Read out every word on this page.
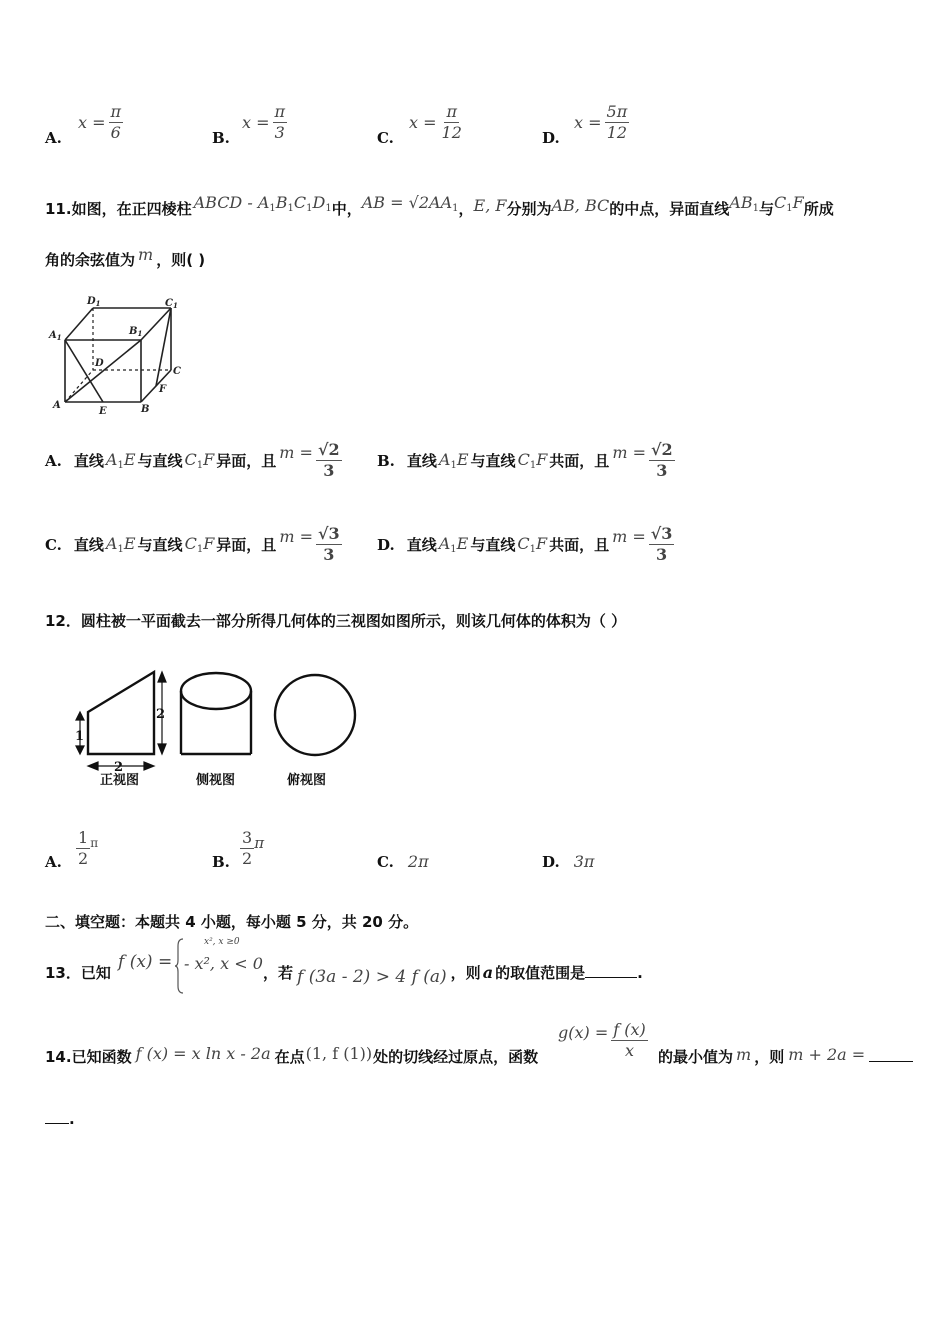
A.
$x = \frac{\pi}{6}$	B.
$x = \frac{\pi}{3}$	C.
$x = \frac{\pi}{12}$	D.
$x = \frac{5\pi}{12}$
11.如图，在正四棱柱 ABCD - $A_1B_1C_1D_1$ 中， AB = $√2AA_1$ ， E, F 分别为 AB, BC 的中点，异面直线 $AB_1$ 与 $C_1F$ 所成
角的余弦值为 m ，则( )
$D_1$	$C_1$
$A_1$
$B_1$
D
C
A
E	B
F
A. 直线 $A_1E$ 与直线 $C_1F$ 异面，且 $m = \frac{√2}{3} B$. 直线 $A_1E$ 与直线 $C_1F$ 共面，且 $m = \frac{√2}{3}$
C. 直线 $A_1E$ 与直线 $C_1F$ 异面，且 $m = \frac{√3}{3} D$. 直线 $A_1E$ 与直线 $C_1F$ 共面，且 $m = \frac{√3}{3}$
12．圆柱被一平面截去一部分所得几何体的三视图如图所示，则该几何体的体积为（ ）
2
1
2
正视图	侧视图	俯视图
A. $\frac{1}{2}$ π
B. $\frac{3}{2}$ π
C. 2π	D. 3π
二、填空题：本题共 4 小题，每小题 5 分，共 20 分。
13．已知
f (x) =
x², x ≥0
- x², x < 0 ，若 f (3a - 2) > 4 f (a) ，则 a 的取值范围是	.
14.已知函数 f (x) = x ln x - 2a 在点 (1, f (1)) 处的切线经过原点，函数
$g(x) = \frac{f (x)}{x}$ 的最小值为 m ，则 m + 2a =
.
